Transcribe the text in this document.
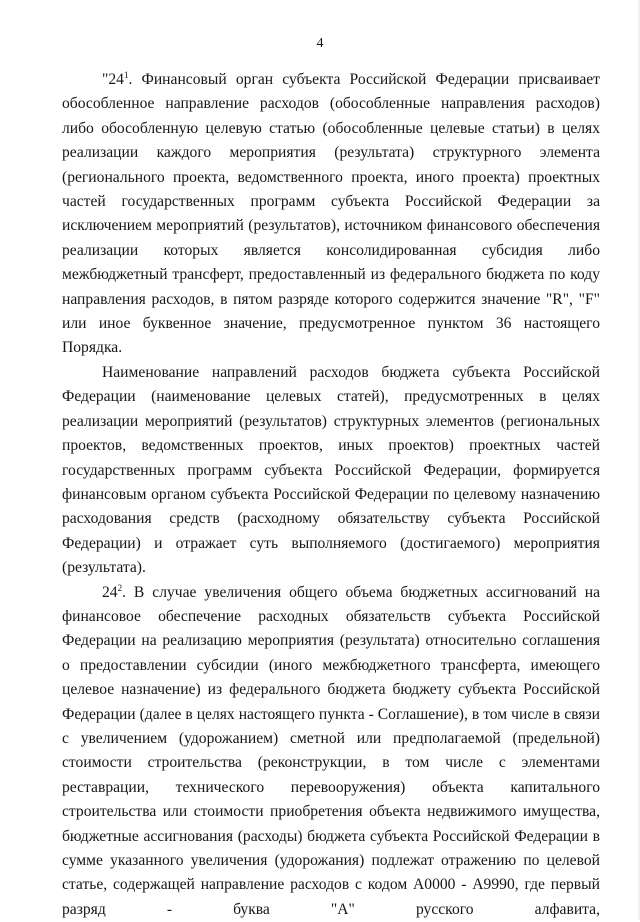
4

"$24^1$. Финансовый орган субъекта Российской Федерации присваивает обособленное направление расходов (обособленные направления расходов) либо обособленную целевую статью (обособленные целевые статьи) в целях реализации каждого мероприятия (результата) структурного элемента (регионального проекта, ведомственного проекта, иного проекта) проектных частей государственных программ субъекта Российской Федерации за исключением мероприятий (результатов), источником финансового обеспечения реализации которых является консолидированная субсидия либо межбюджетный трансферт, предоставленный из федерального бюджета по коду направления расходов, в пятом разряде которого содержится значение "R", "F" или иное буквенное значение, предусмотренное пунктом 36 настоящего Порядка.

Наименование направлений расходов бюджета субъекта Российской Федерации (наименование целевых статей), предусмотренных в целях реализации мероприятий (результатов) структурных элементов (региональных проектов, ведомственных проектов, иных проектов) проектных частей государственных программ субъекта Российской Федерации, формируется финансовым органом субъекта Российской Федерации по целевому назначению расходования средств (расходному обязательству субъекта Российской Федерации) и отражает суть выполняемого (достигаемого) мероприятия (результата).

$24^2$. В случае увеличения общего объема бюджетных ассигнований на финансовое обеспечение расходных обязательств субъекта Российской Федерации на реализацию мероприятия (результата) относительно соглашения о предоставлении субсидии (иного межбюджетного трансферта, имеющего целевое назначение) из федерального бюджета бюджету субъекта Российской Федерации (далее в целях настоящего пункта - Соглашение), в том числе в связи с увеличением (удорожанием) сметной или предполагаемой (предельной) стоимости строительства (реконструкции, в том числе с элементами реставрации, технического перевооружения) объекта капитального строительства или стоимости приобретения объекта недвижимого имущества, бюджетные ассигнования (расходы) бюджета субъекта Российской Федерации в сумме указанного увеличения (удорожания) подлежат отражению по целевой статье, содержащей направление расходов с кодом А0000 - А9990, где первый разряд - буква "А" русского алфавита,
